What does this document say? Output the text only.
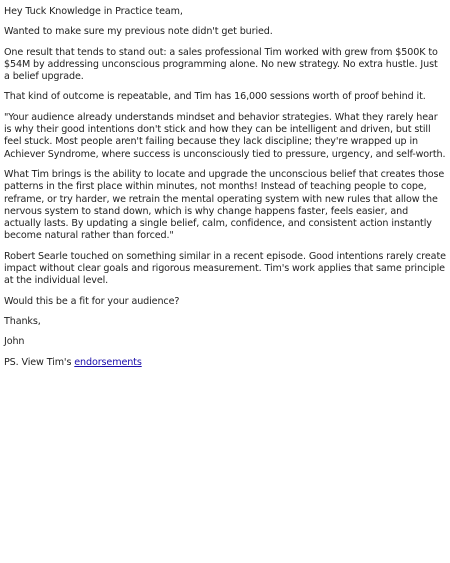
Hey Tuck Knowledge in Practice team,

Wanted to make sure my previous note didn't get buried.

One result that tends to stand out: a sales professional Tim worked with grew from $500K to $54M by addressing unconscious programming alone. No new strategy. No extra hustle. Just a belief upgrade.

That kind of outcome is repeatable, and Tim has 16,000 sessions worth of proof behind it.

"Your audience already understands mindset and behavior strategies. What they rarely hear is why their good intentions don't stick and how they can be intelligent and driven, but still feel stuck. Most people aren't failing because they lack discipline; they're wrapped up in Achiever Syndrome, where success is unconsciously tied to pressure, urgency, and self-worth.

What Tim brings is the ability to locate and upgrade the unconscious belief that creates those patterns in the first place within minutes, not months! Instead of teaching people to cope, reframe, or try harder, we retrain the mental operating system with new rules that allow the nervous system to stand down, which is why change happens faster, feels easier, and actually lasts. By updating a single belief, calm, confidence, and consistent action instantly become natural rather than forced."

Robert Searle touched on something similar in a recent episode. Good intentions rarely create impact without clear goals and rigorous measurement. Tim's work applies that same principle at the individual level.

Would this be a fit for your audience?

Thanks,

John

PS. View Tim's endorsements
